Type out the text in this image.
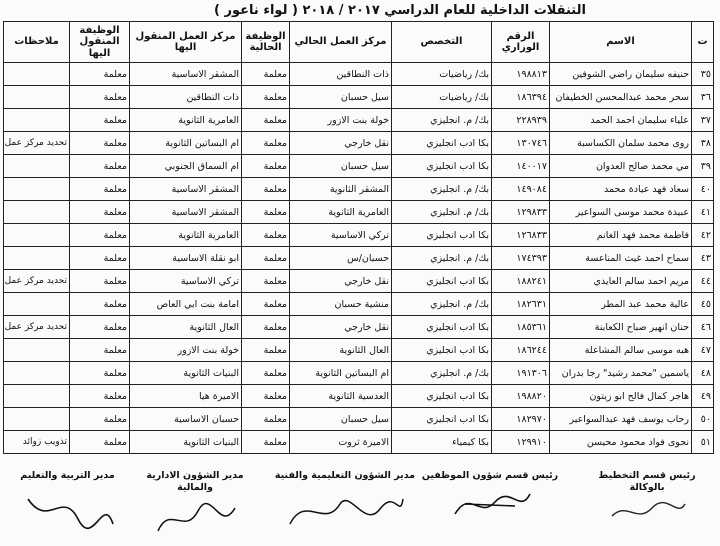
التنقلات الداخلية للعام الدراسي ٢٠١٧ / ٢٠١٨ ( لواء ناعور )
ت	الاسم	الرقم الوزاري	التخصص	مركز العمل الحالي	الوظيفة الحالية	مركز العمل المنقول اليها	الوظيفة المنقول اليها	ملاحظات
٣٥	حنيفه سليمان راضي الشوفين	١٩٨٨١٣	بك/ رياضيات	ذات النطاقين	معلمة	المشقر الاساسية	معلمة	
٣٦	سحر محمد عبدالمحسن الخطيفان	١٨٦٣٩٤	بك/ رياضيات	سيل حسبان	معلمة	ذات النطاقين	معلمة	
٣٧	علياء سليمان احمد الحمد	٢٢٨٩٣٩	بك/ م. انجليزي	خولة بنت الازور	معلمة	العامرية الثانوية	معلمة	
٣٨	روى محمد سلمان الكساسبة	١٣٠٧٤٦	بكا ادب انجليزي	نقل خارجي	معلمة	ام البساتين الثانوية	معلمة	تحديد مركز عمل
٣٩	مي محمد صالح العدوان	١٤٠٠١٧	بكا ادب انجليزي	سيل حسبان	معلمة	ام السماق الجنوبي	معلمة	
٤٠	سعاد فهد عيادة محمد	١٤٩٠٨٤	بك/ م. انجليزي	المشقر الثانوية	معلمة	المشقر الاساسية	معلمة	
٤١	عبيدة محمد موسى السواعير	١٢٩٨٣٣	بك/ م. انجليزي	العامرية الثانوية	معلمة	المشقر الاساسية	معلمة	
٤٢	فاطمة محمد فهد الغانم	١٢٦٨٣٣	بكا ادب انجليزي	تركي الاساسية	معلمة	العامرية الثانوية	معلمة	
٤٣	سماح احمد غيث المناعسة	١٧٤٣٩٣	بك/ م. انجليزي	حسبان/س	معلمة	ابو نقلة الاساسية	معلمة	
٤٤	مريم احمد سالم العايدي	١٨٨٢٤١	بكا ادب انجليزي	نقل خارجي	معلمة	تركي الاساسية	معلمة	تحديد مركز عمل
٤٥	عالية محمد عبد المطر	١٨٢٦٣١	بك/ م. انجليزي	منشية حسبان	معلمة	امامة بنت ابي العاص	معلمة	
٤٦	حنان انهير صباح الكعابنة	١٨٥٣٦١	بكا ادب انجليزي	نقل خارجي	معلمة	العال الثانوية	معلمة	تحديد مركز عمل
٤٧	هبه موسى سالم المشاعلة	١٨٦٢٤٤	بكا ادب انجليزي	العال الثانوية	معلمة	خولة بنت الازور	معلمة	
٤٨	ياسمين "محمد رشيد" رجا بدران	١٩١٣٠٦	بك/ م. انجليزي	ام البساتين الثانوية	معلمة	البنيات الثانوية	معلمة	
٤٩	هاجر كمال فالح ابو زيتون	١٩٨٨٢٠	بكا ادب انجليزي	العدسية الثانوية	معلمة	الاميرة هيا	معلمة	
٥٠	رحاب يوسف فهد عبدالسواعير	١٨٢٩٧٠	بكا ادب انجليزي	سيل حسبان	معلمة	حسبان الاساسية	معلمة	
٥١	نجوى فواد محمود محيسن	١٢٩٩١٠	بكا كيمياء	الاميرة ثروت	معلمة	البنيات الثانوية	معلمة	تذويب زوائد
رئيس قسم التخطيط بالوكالة
رئيس قسم شؤون الموظفين
مدير الشؤون التعليمية والفنية
مدير الشؤون الادارية والمالية
مدير التربية والتعليم
